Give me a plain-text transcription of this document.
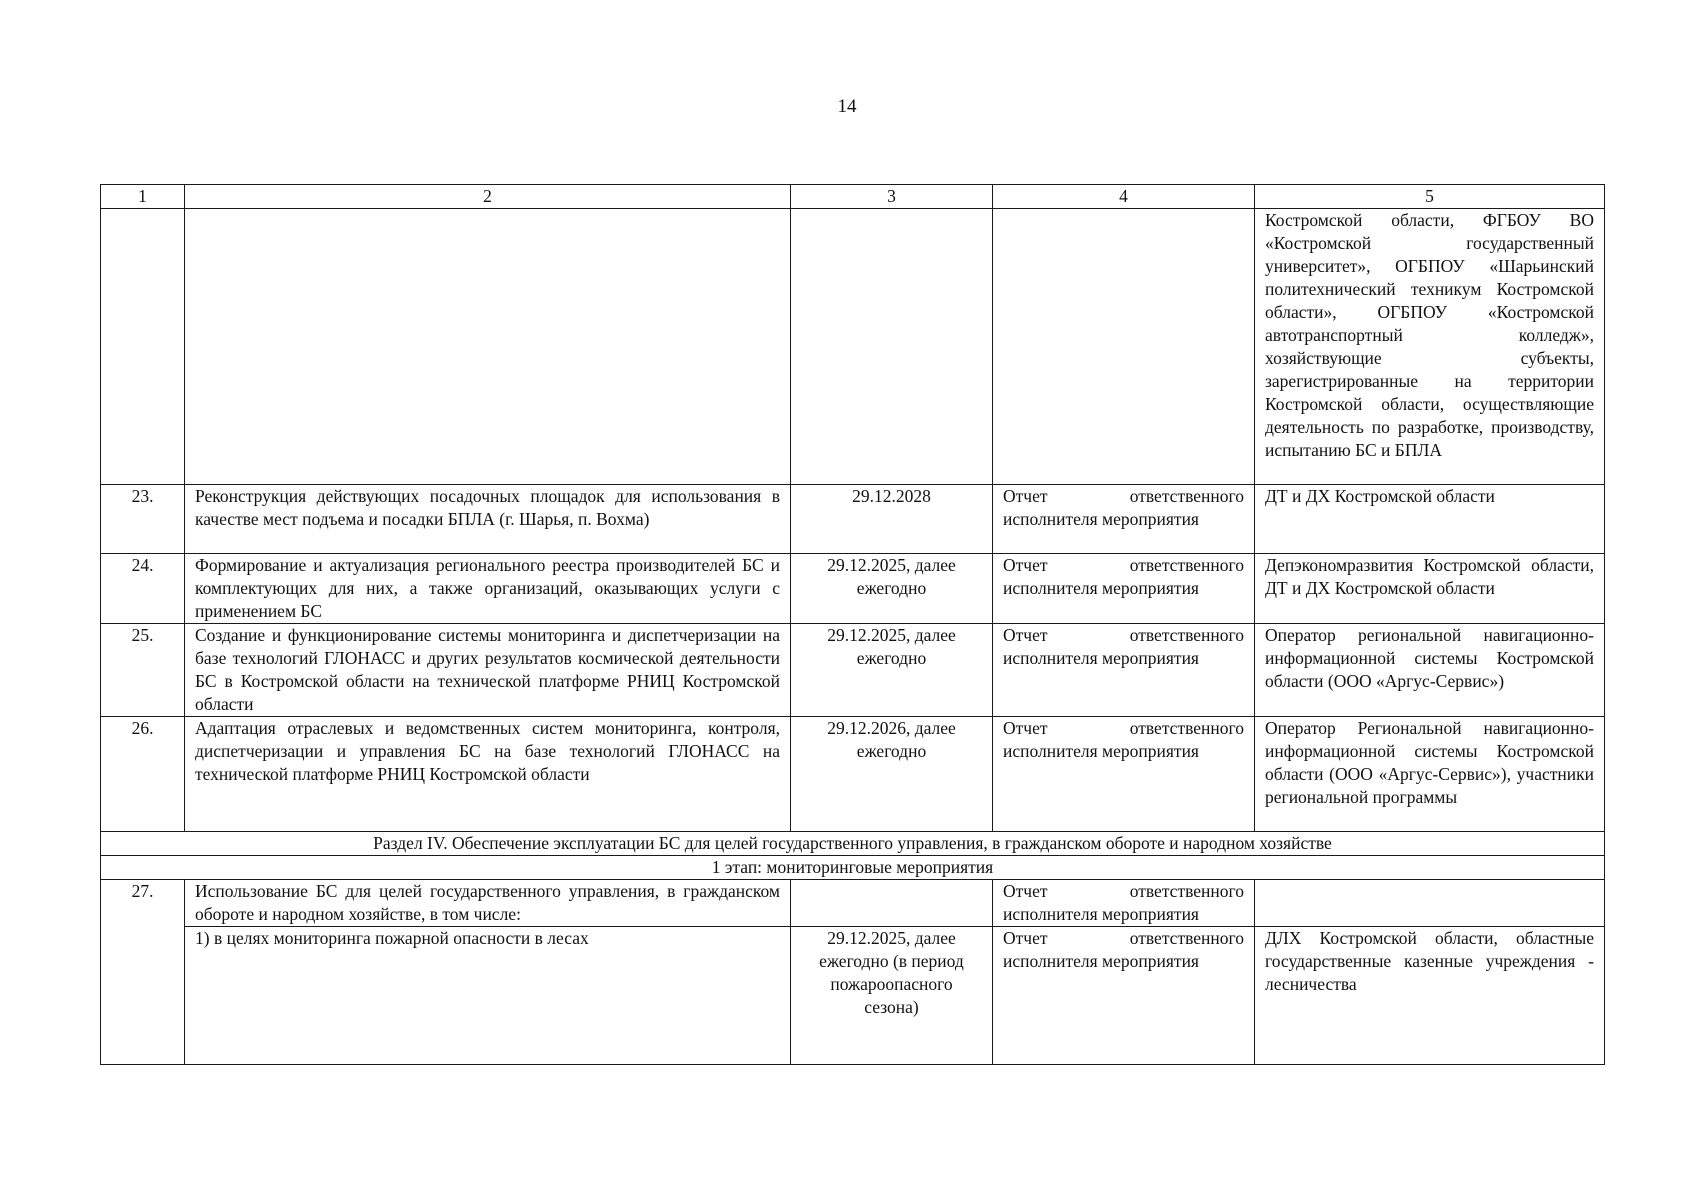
14
1	2	3	4	5
				Костромской области, ФГБОУ ВО «Костромской государственный университет», ОГБПОУ «Шарьинский политехнический техникум Костромской области», ОГБПОУ «Костромской автотранспортный колледж», хозяйствующие субъекты, зарегистрированные на территории Костромской области, осуществляющие деятельность по разработке, производству, испытанию БС и БПЛА
23.	Реконструкция действующих посадочных площадок для использования в качестве мест подъема и посадки БПЛА (г. Шарья, п. Вохма)	29.12.2028	Отчет ответственного исполнителя мероприятия	ДТ и ДХ Костромской области
24.	Формирование и актуализация регионального реестра производителей БС и комплектующих для них, а также организаций, оказывающих услуги с применением БС	29.12.2025, далее ежегодно	Отчет ответственного исполнителя мероприятия	Депэкономразвития Костромской области, ДТ и ДХ Костромской области
25.	Создание и функционирование системы мониторинга и диспетчеризации на базе технологий ГЛОНАСС и других результатов космической деятельности БС в Костромской области на технической платформе РНИЦ Костромской области	29.12.2025, далее ежегодно	Отчет ответственного исполнителя мероприятия	Оператор региональной навигационно-информационной системы Костромской области (ООО «Аргус-Сервис»)
26.	Адаптация отраслевых и ведомственных систем мониторинга, контроля, диспетчеризации и управления БС на базе технологий ГЛОНАСС на технической платформе РНИЦ Костромской области	29.12.2026, далее ежегодно	Отчет ответственного исполнителя мероприятия	Оператор Региональной навигационно-информационной системы Костромской области (ООО «Аргус-Сервис»), участники региональной программы
Раздел IV. Обеспечение эксплуатации БС для целей государственного управления, в гражданском обороте и народном хозяйстве				
1 этап: мониторинговые мероприятия				
27.	Использование БС для целей государственного управления, в гражданском обороте и народном хозяйстве, в том числе:		Отчет ответственного исполнителя мероприятия	
	1) в целях мониторинга пожарной опасности в лесах	29.12.2025, далее ежегодно (в период пожароопасного сезона)	Отчет ответственного исполнителя мероприятия	ДЛХ Костромской области, областные государственные казенные учреждения - лесничества
